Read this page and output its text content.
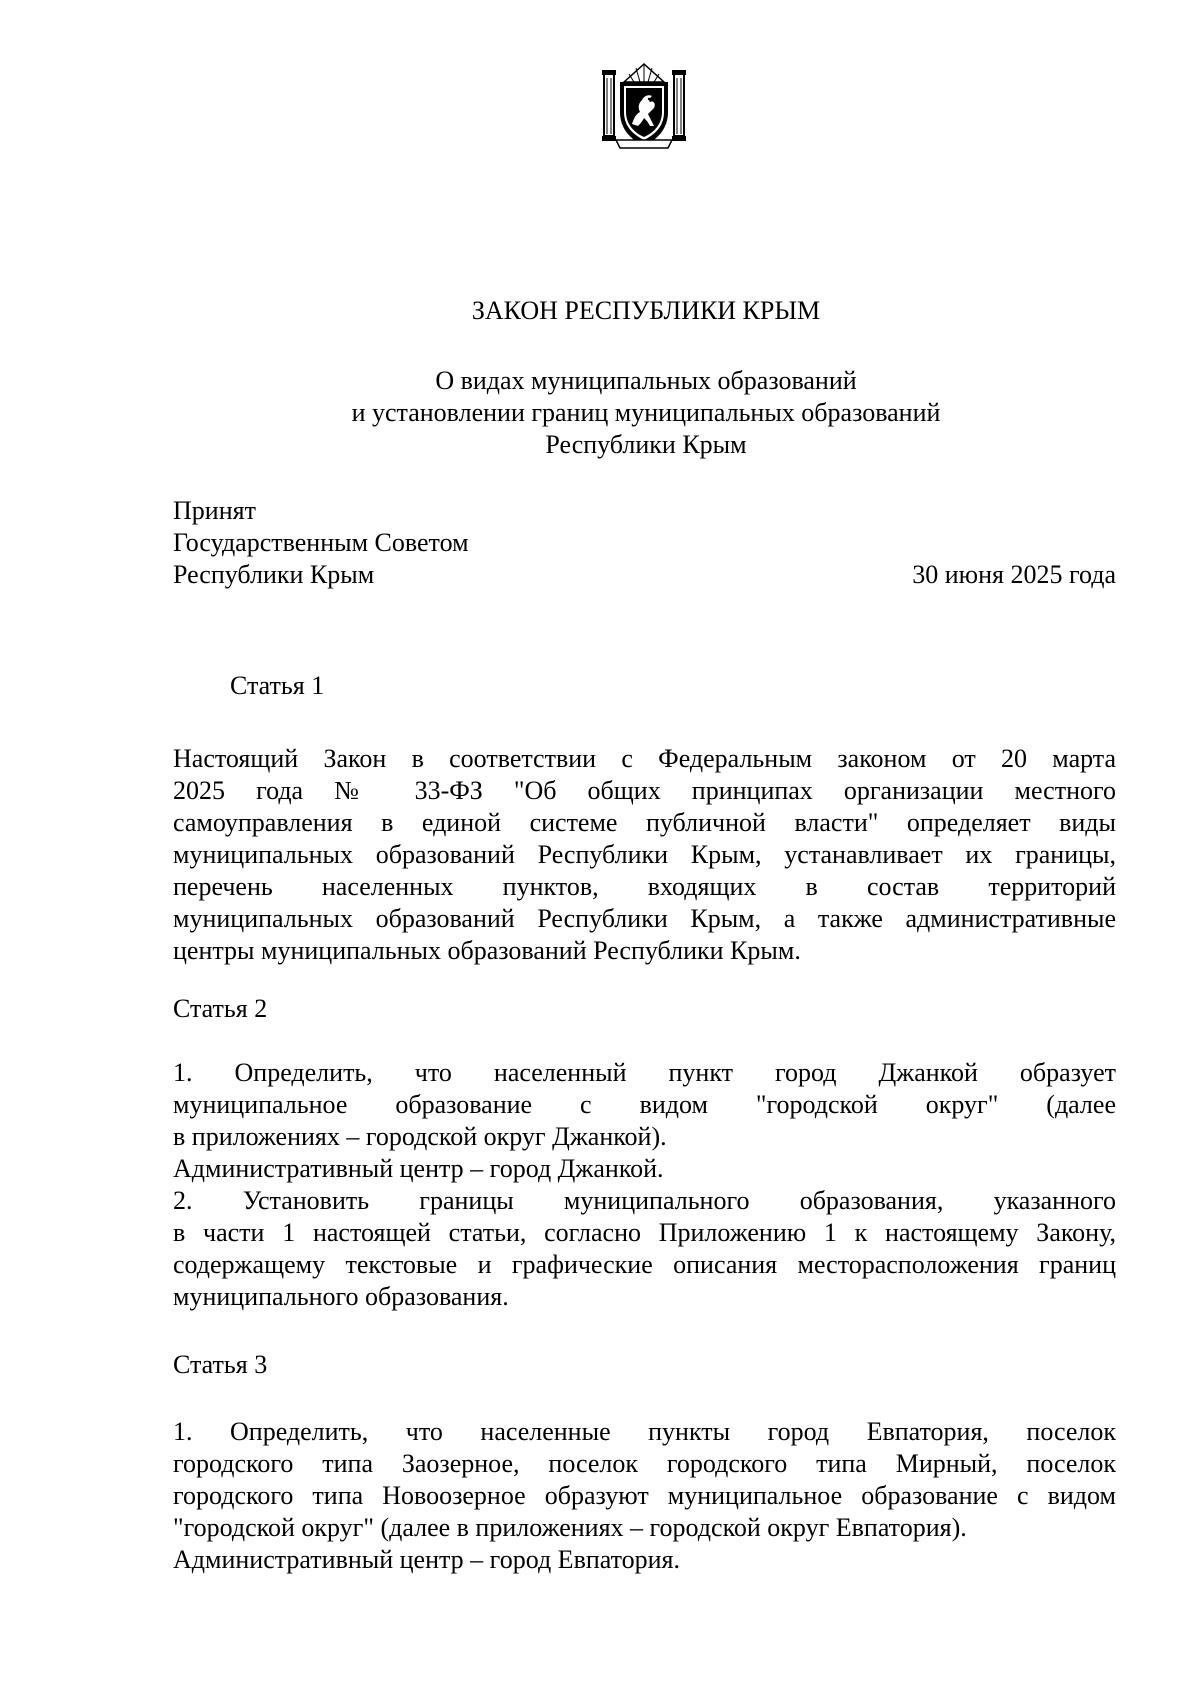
ЗАКОН РЕСПУБЛИКИ КРЫМ
О видах муниципальных образований
и установлении границ муниципальных образований
Республики Крым
Принят
Государственным Советом
Республики Крым	30 июня 2025 года
Статья 1
Настоящий Закон в соответствии с Федеральным законом от 20 марта
2025 года № 33-ФЗ "Об общих принципах организации местного
самоуправления в единой системе публичной власти" определяет виды
муниципальных образований Республики Крым, устанавливает их границы,
перечень населенных пунктов, входящих в состав территорий
муниципальных образований Республики Крым, а также административные
центры муниципальных образований Республики Крым.
Статья 2
1. Определить, что населенный пункт город Джанкой образует
муниципальное образование с видом "городской округ" (далее
в приложениях – городской округ Джанкой).
Административный центр – город Джанкой.
2. Установить границы муниципального образования, указанного
в части 1 настоящей статьи, согласно Приложению 1 к настоящему Закону,
содержащему текстовые и графические описания месторасположения границ
муниципального образования.
Статья 3
1. Определить, что населенные пункты город Евпатория, поселок
городского типа Заозерное, поселок городского типа Мирный, поселок
городского типа Новоозерное образуют муниципальное образование с видом
"городской округ" (далее в приложениях – городской округ Евпатория).
Административный центр – город Евпатория.
